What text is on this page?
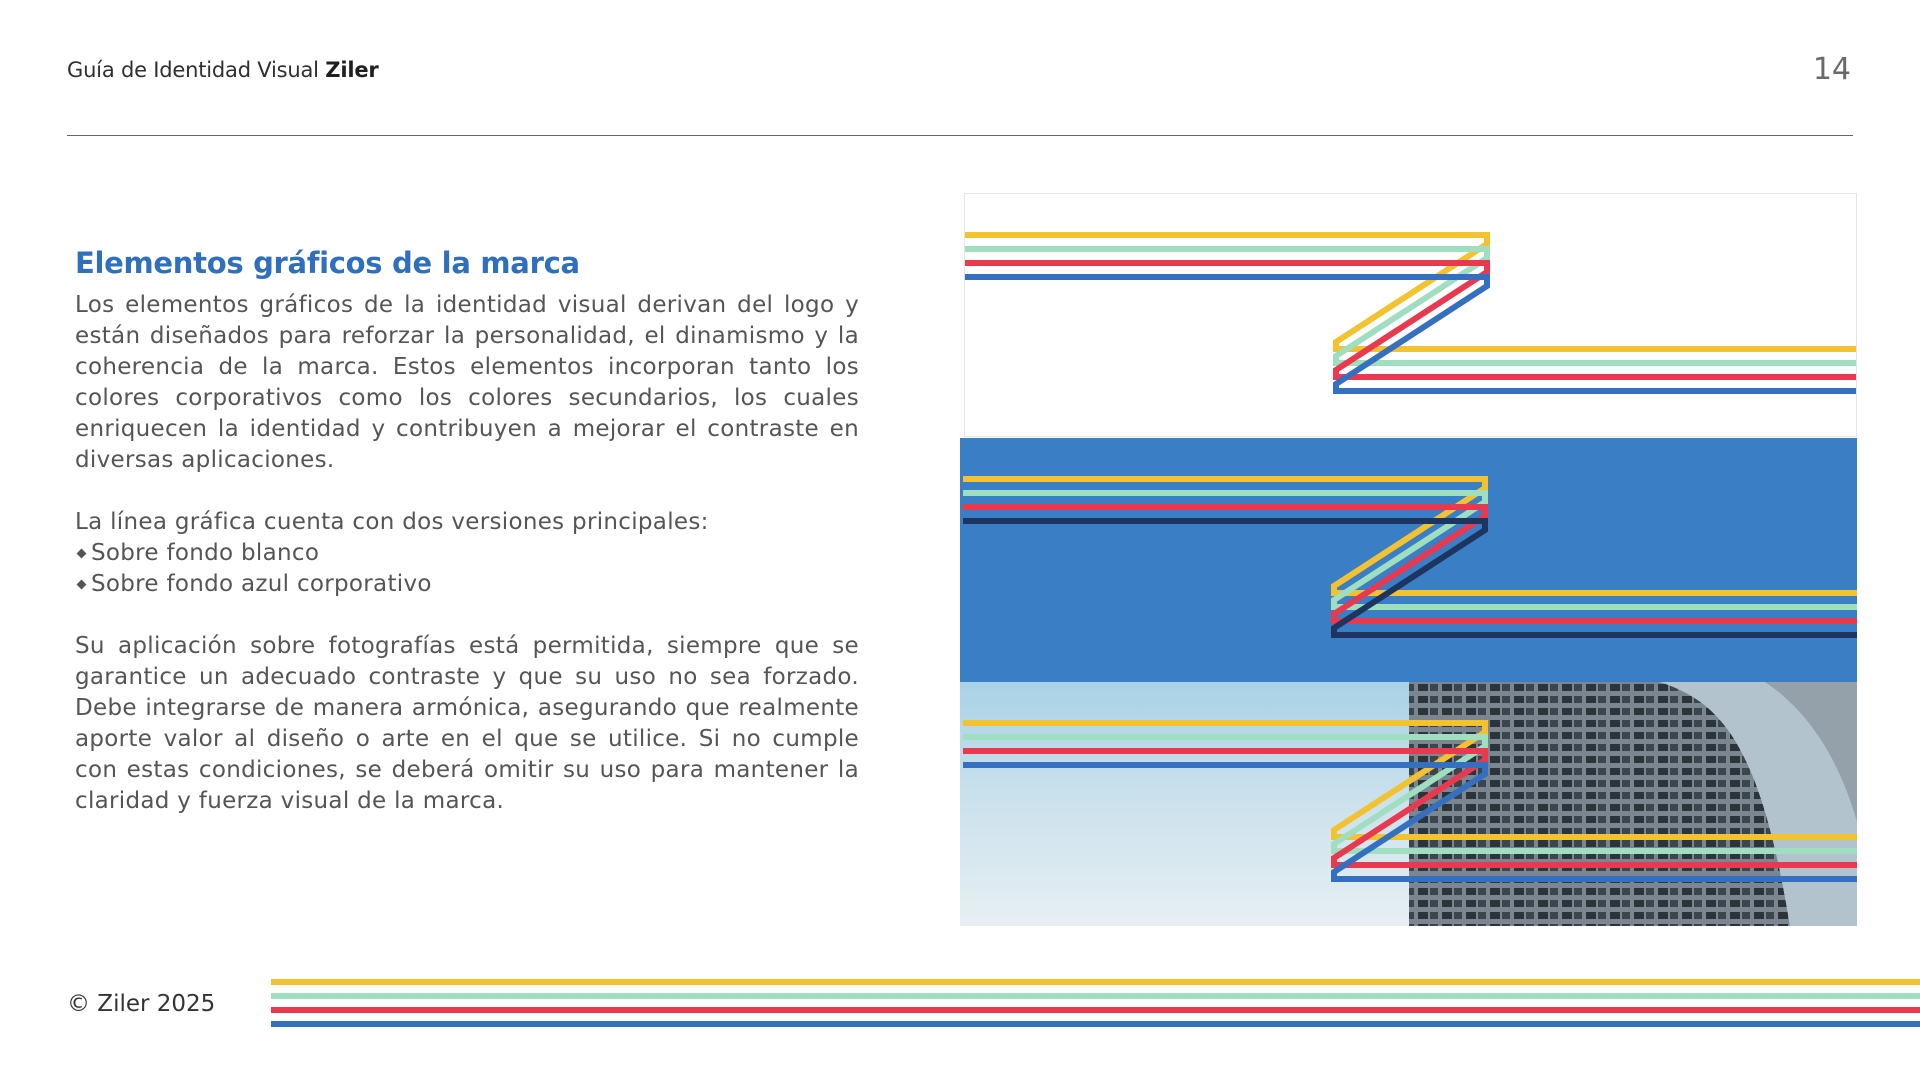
Guía de Identidad Visual Ziler	14
Elementos gráficos de la marca

Los elementos gráficos de la identidad visual derivan del logo y están diseñados para reforzar la personalidad, el dinamismo y la coherencia de la marca. Estos elementos incorporan tanto los colores corporativos como los colores secundarios, los cuales enriquecen la identidad y contribuyen a mejorar el contraste en diversas aplicaciones.

La línea gráfica cuenta con dos versiones principales:

Sobre fondo blanco
Sobre fondo azul corporativo

Su aplicación sobre fotografías está permitida, siempre que se garantice un adecuado contraste y que su uso no sea forzado. Debe integrarse de manera armónica, asegurando que realmente aporte valor al diseño o arte en el que se utilice. Si no cumple con estas condiciones, se deberá omitir su uso para mantener la claridad y fuerza visual de la marca.

© Ziler 2025
